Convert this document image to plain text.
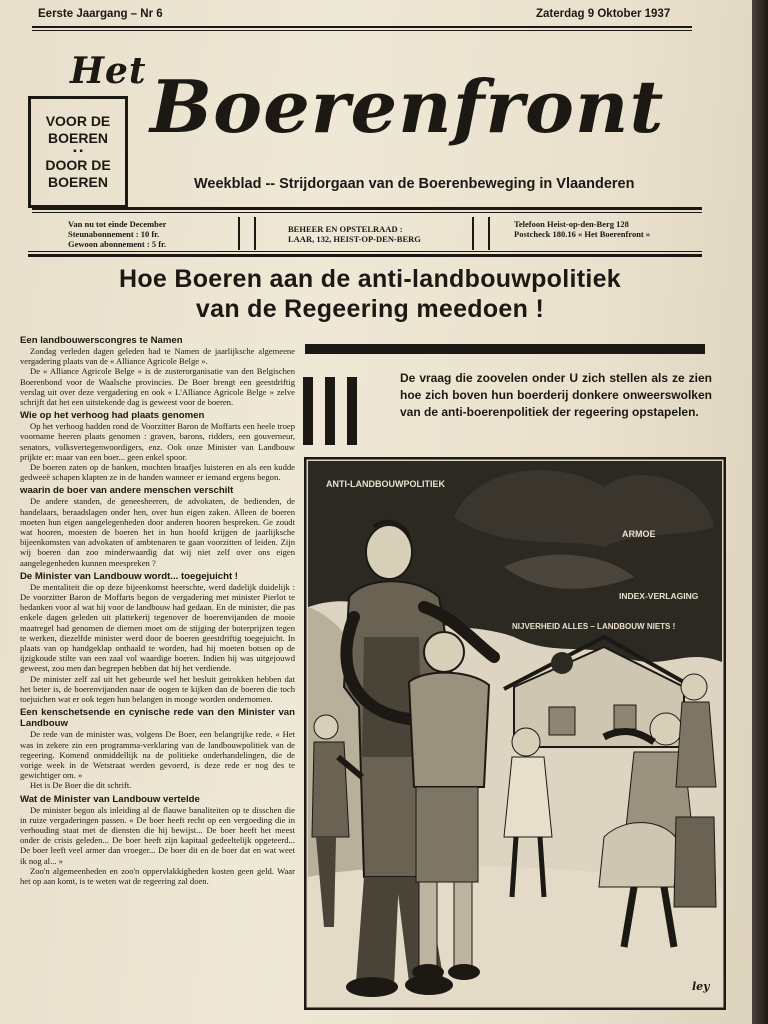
Eerste Jaargang – Nr 6	Zaterdag 9 Oktober 1937
Het Boerenfront
VOOR DE
BOEREN
▪ ▪
DOOR DE
BOEREN	Weekblad -- Strijdorgaan van de Boerenbeweging in Vlaanderen
Van nu tot einde December
Steunabonnement : 10 fr.
Gewoon abonnement : 5 fr.
BEHEER EN OPSTELRAAD :
LAAR, 132, HEIST-OP-DEN-BERG
Telefoon Heist-op-den-Berg 128
Postcheck 180.16 « Het Boerenfront »
Hoe Boeren aan de anti-landbouwpolitiek
van de Regeering meedoen !
Een landbouwerscongres te Namen

Zondag verleden dagen geleden had te Namen de jaarlijksche algemeene vergadering plaats van de « Alliance Agricole Belge ».

De « Alliance Agricole Belge » is de zusterorganisatie van den Belgischen Boerenbond voor de Waalsche provincies. De Boer brengt een geestdriftig verslag uit over deze vergadering en ook « L'Alliance Agricole Belge » zelve schrijft dat het een uitstekende dag is geweest voor de boeren.

Wie op het verhoog had plaats genomen

Op het verhoog hadden rond de Voorzitter Baron de Moffarts een heele troep voorname heeren plaats genomen : graven, barons, ridders, een gouverneur, senators, volksvertegenwoordigers, enz. Ook onze Minister van Landbouw prijkte er: maar van een boer... geen enkel spoor.

De boeren zaten op de banken, mochten braafjes luisteren en als een kudde gedweeë schapen klapten ze in de handen wanneer er iemand ergens begon.

waarin de boer van andere menschen verschilt

De andere standen, de geneesheeren, de advokaten, de bedienden, de handelaars, beraadslagen onder hen, over hun eigen zaken. Alleen de boeren moeten hun eigen aangelegenheden door anderen hooren bespreken. Ge zoudt wat hooren, moesten de boeren het in hun hoofd krijgen de jaarlijksche bijeenkomsten van advokaten of ambtenaren te gaan voorzitten of leiden. Zijn wij boeren dan zoo minderwaardig dat wij niet zelf over ons eigen aangelegenheden kunnen meespreken ?

De Minister van Landbouw wordt... toegejuicht !

De mentaliteit die op deze bijeenkomst heerschte, werd dadelijk duidelijk : De voorzitter Baron de Moffarts begon de vergadering met minister Pierlot te bedanken voor al wat hij voor de landbouw had gedaan. En de minister, die pas enkele dagen geleden uit plattekerij tegenover de boerenvijanden de mooie maatregel had genomen de diemen moet om de stijging der boterprijzen tegen te werken, diezelfde minister werd door de boeren geestdriftig toegejuicht. In plaats van op handgeklap onthaald te worden, had hij moeten botsen op de ijzigkoude stilte van een zaal vol waardige boeren. Indien hij was uitgejouwd geweest, zou men dan begrepen hebben dat hij het verdiende.

De minister zelf zal uit het gebeurde wel het besluit getrokken hebben dat het beter is, de boerenvijanden naar de oogen te kijken dan de boeren die toch toejuichen wat er ook tegen hun belangen in mooge worden ondernomen.

Een kenschetsende en cynische rede van den Minister van Landbouw

De rede van de minister was, volgens De Boer, een belangrijke rede. « Het was in zekere zin een programma-verklaring van de landbouwpolitiek van de regeering. Komend onmiddellijk na de politieke onderhandelingen, die de vorige week in de Wetstraat werden gevoerd, is deze rede er nog des te gewichtiger om. »

Het is De Boer die dit schrift.

Wat de Minister van Landbouw vertelde

De minister begon als inleiding al de flauwe banaliteiten op te disschen die in ruize vergaderingen passen. « De boer heeft recht op een vergoeding die in verhouding staat met de diensten die hij bewijst... De boer heeft het meest onder de crisis geleden... De boer heeft zijn kapitaal gedeeltelijk opgeteerd... De boer leeft veel armer dan vroeger... De boer dit en de boer dat en wat weet ik nog al... »

Zoo'n algemeenheden en zoo'n oppervlakkigheden kosten geen geld. Waar het op aan komt, is te weten wat de regeering zal doen.

De vraag die zoovelen onder U zich stellen als ze zien hoe zich boven hun boerderij donkere onweerswolken van de anti-boerenpolitiek der regeering opstapelen.
ANTI-LANDBOUWPOLITIEK
ARMOE
INDEX-VERLAGING
NIJVERHEID ALLES – LANDBOUW NIETS !
ley
